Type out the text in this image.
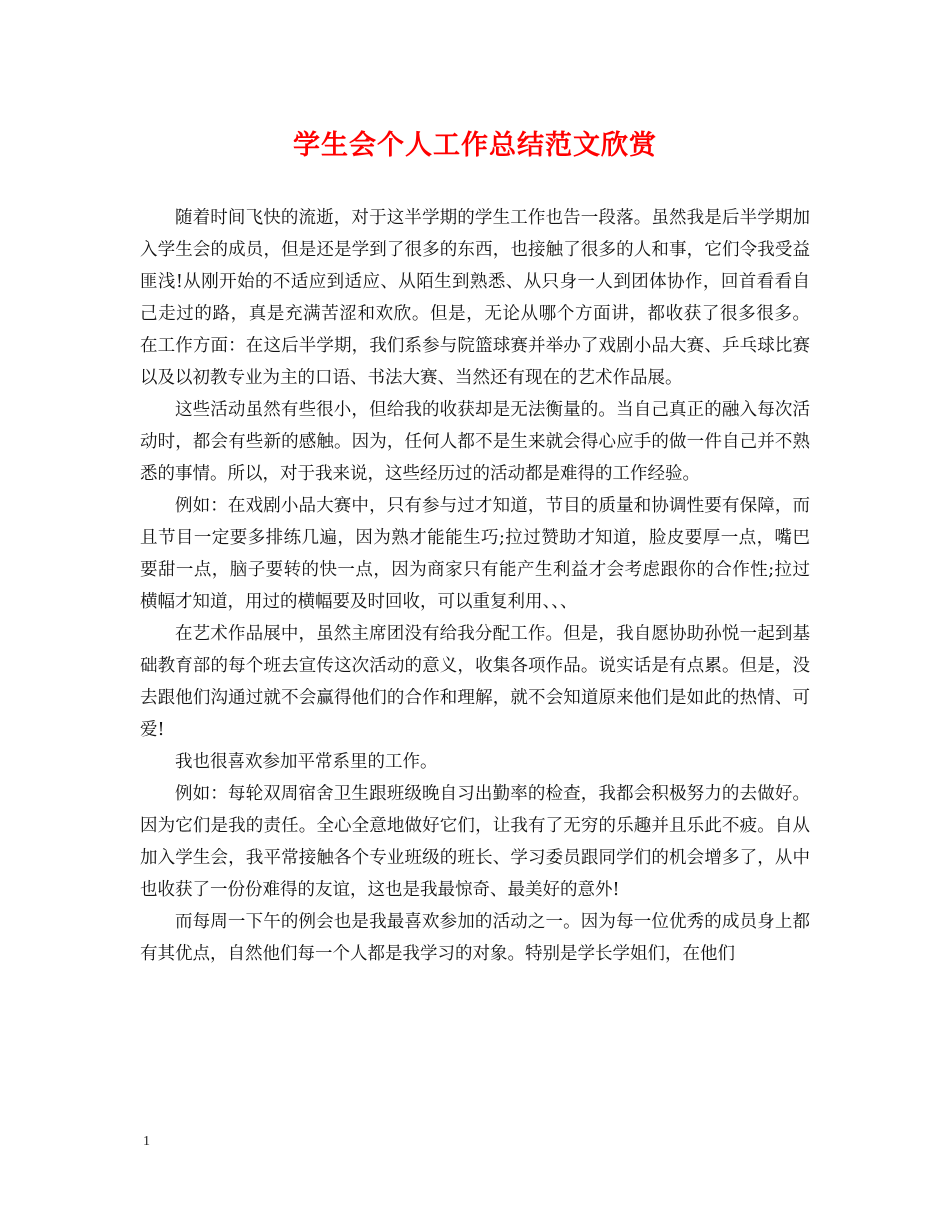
学生会个人工作总结范文欣赏

随着时间飞快的流逝，对于这半学期的学生工作也告一段落。虽然我是后半学期加入学生会的成员，但是还是学到了很多的东西，也接触了很多的人和事，它们令我受益匪浅!从刚开始的不适应到适应、从陌生到熟悉、从只身一人到团体协作，回首看看自己走过的路，真是充满苦涩和欢欣。但是，无论从哪个方面讲，都收获了很多很多。 在工作方面：在这后半学期，我们系参与院篮球赛并举办了戏剧小品大赛、乒乓球比赛以及以初教专业为主的口语、书法大赛、当然还有现在的艺术作品展。

这些活动虽然有些很小，但给我的收获却是无法衡量的。当自己真正的融入每次活动时，都会有些新的感触。因为，任何人都不是生来就会得心应手的做一件自己并不熟悉的事情。所以，对于我来说，这些经历过的活动都是难得的工作经验。

例如：在戏剧小品大赛中，只有参与过才知道，节目的质量和协调性要有保障，而且节目一定要多排练几遍，因为熟才能能生巧;拉过赞助才知道，脸皮要厚一点，嘴巴要甜一点，脑子要转的快一点，因为商家只有能产生利益才会考虑跟你的合作性;拉过横幅才知道，用过的横幅要及时回收，可以重复利用、、、

在艺术作品展中，虽然主席团没有给我分配工作。但是，我自愿协助孙悦一起到基础教育部的每个班去宣传这次活动的意义，收集各项作品。说实话是有点累。但是，没去跟他们沟通过就不会赢得他们的合作和理解，就不会知道原来他们是如此的热情、可爱!

我也很喜欢参加平常系里的工作。

例如：每轮双周宿舍卫生跟班级晚自习出勤率的检查，我都会积极努力的去做好。因为它们是我的责任。全心全意地做好它们，让我有了无穷的乐趣并且乐此不疲。自从加入学生会，我平常接触各个专业班级的班长、学习委员跟同学们的机会增多了，从中也收获了一份份难得的友谊，这也是我最惊奇、最美好的意外!

而每周一下午的例会也是我最喜欢参加的活动之一。因为每一位优秀的成员身上都有其优点，自然他们每一个人都是我学习的对象。特别是学长学姐们，在他们

1
